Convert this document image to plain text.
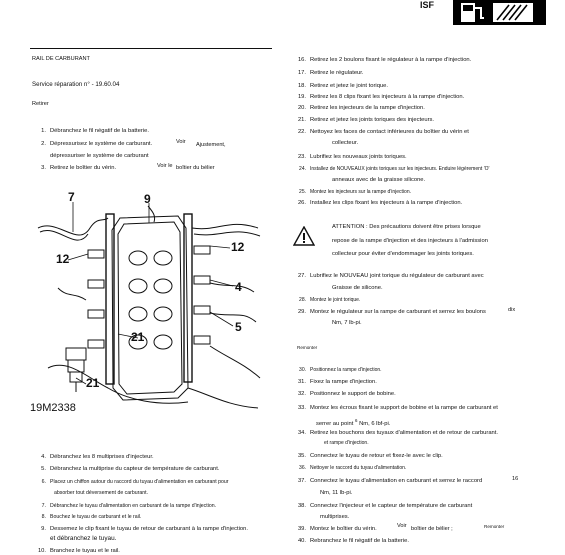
ISF
RAIL DE CARBURANT
Service réparation n° - 19.60.04
Retirer
1. Débranchez le fil négatif de la batterie.
2. Dépressurisez le système de carburant.	Voir Ajustement,
dépressuriser le système de carburant
3. Retirez le boîtier du vérin.	Voir le boîtier du bélier
7	9
12
12
4
5
21
21
19M2338
4. Débranchez les 8 multiprises d'injecteur.
5. Débranchez la multiprise du capteur de température de carburant.
6. Placez un chiffon autour du raccord du tuyau d'alimentation en carburant pour
absorber tout déversement de carburant.
7. Débranchez le tuyau d'alimentation en carburant de la rampe d'injection.
8. Bouchez le tuyau de carburant et le rail.
9. Dessemez le clip fixant le tuyau de retour de carburant à la rampe d'injection.
et débranchez le tuyau.
10. Branchez le tuyau et le rail.
16. Retirez les 2 boulons fixant le régulateur à la rampe d'injection.
17. Retirez le régulateur.
18. Retirez et jetez le joint torique.
19. Retirez les 8 clips fixant les injecteurs à la rampe d'injection.
20. Retirez les injecteurs de la rampe d'injection.
21. Retirez et jetez les joints toriques des injecteurs.
22. Nettoyez les faces de contact inférieures du boîtier du vérin et
collecteur.
23. Lubrifiez les nouveaux joints toriques.
24. Installez de NOUVEAUX joints toriques sur les injecteurs. Enduire légèrement 'O'
anneaux avec de la graisse silicone.
25. Montez les injecteurs sur la rampe d'injection.
26. Installez les clips fixant les injecteurs à la rampe d'injection.
ATTENTION : Des précautions doivent être prises lorsque
repose de la rampe d'injection et des injecteurs à l'admission
collecteur pour éviter d'endommager les joints toriques.
27. Lubrifiez le NOUVEAU joint torique du régulateur de carburant avec
Graisse de silicone.
28. Montez le joint torique.
29. Montez le régulateur sur la rampe de carburant et serrez les boulons	dix
Nm, 7 lb-pi.
Remonter
30. Positionnez la rampe d'injection.
31. Fixez la rampe d'injection.
32. Positionnez le support de bobine.
33. Montez les écrous fixant le support de bobine et la rampe de carburant et
serrer au point $^6$ Nm, 6 lbf-pi.
34. Retirez les bouchons des tuyaux d'alimentation et de retour de carburant.
et rampe d'injection.
35. Connectez le tuyau de retour et fixez-le avec le clip.
36. Nettoyer le raccord du tuyau d'alimentation.
37. Connectez le tuyau d'alimentation en carburant et serrez le raccord	16
Nm, 11 lb-pi.
38. Connectez l'injecteur et le capteur de température de carburant
multiprises.
39. Montez le boîtier du vérin.	Voir boîtier de bélier ;	Remonter
40. Rebranchez le fil négatif de la batterie.
